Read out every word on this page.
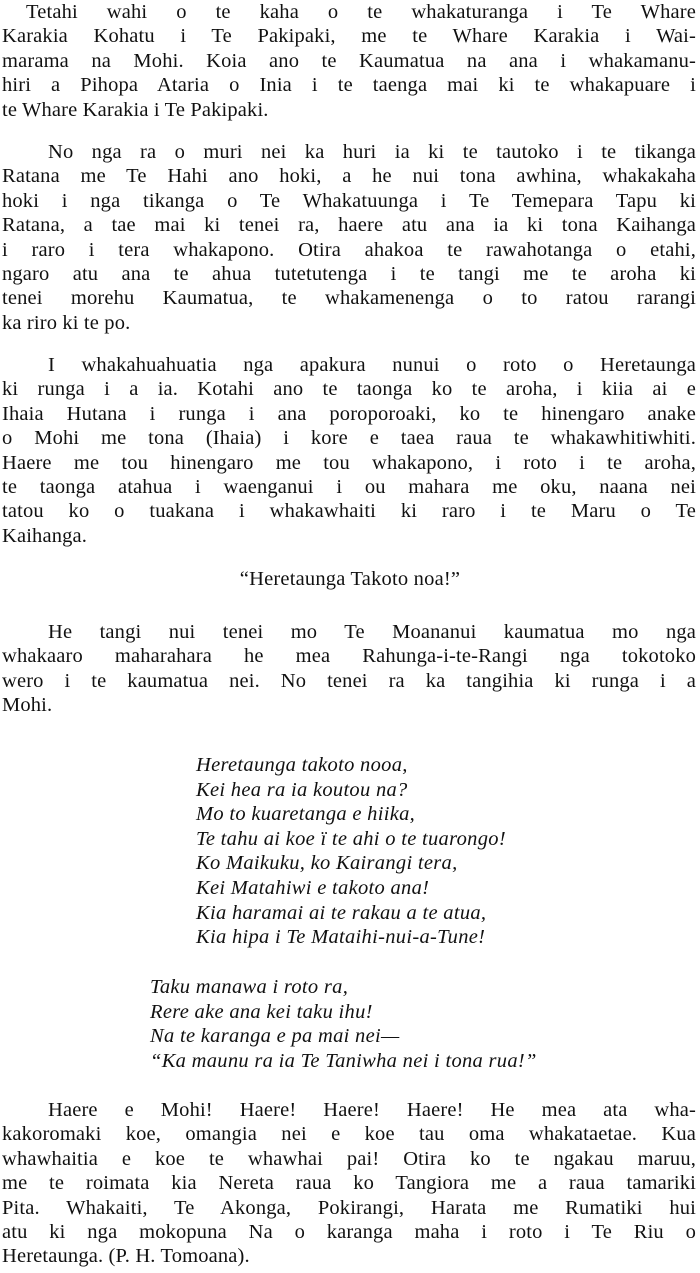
Tetahi wahi o te kaha o te whakaturanga i Te Whare
Karakia Kohatu i Te Pakipaki, me te Whare Karakia i Wai-
marama na Mohi. Koia ano te Kaumatua na ana i whakamanu-
hiri a Pihopa Ataria o Inia i te taenga mai ki te whakapuare i
te Whare Karakia i Te Pakipaki.
No nga ra o muri nei ka huri ia ki te tautoko i te tikanga
Ratana me Te Hahi ano hoki, a he nui tona awhina, whakakaha
hoki i nga tikanga o Te Whakatuunga i Te Temepara Tapu ki
Ratana, a tae mai ki tenei ra, haere atu ana ia ki tona Kaihanga
i raro i tera whakapono. Otira ahakoa te rawahotanga o etahi,
ngaro atu ana te ahua tutetutenga i te tangi me te aroha ki
tenei morehu Kaumatua, te whakamenenga o to ratou rarangi
ka riro ki te po.
I whakahuahuatia nga apakura nunui o roto o Heretaunga
ki runga i a ia. Kotahi ano te taonga ko te aroha, i kiia ai e
Ihaia Hutana i runga i ana poroporoaki, ko te hinengaro anake
o Mohi me tona (Ihaia) i kore e taea raua te whakawhitiwhiti.
Haere me tou hinengaro me tou whakapono, i roto i te aroha,
te taonga atahua i waenganui i ou mahara me oku, naana nei
tatou ko o tuakana i whakawhaiti ki raro i te Maru o Te
Kaihanga.

“Heretaunga Takoto noa!”

He tangi nui tenei mo Te Moananui kaumatua mo nga
whakaaro maharahara he mea Rahunga-i-te-Rangi nga tokotoko
wero i te kaumatua nei. No tenei ra ka tangihia ki runga i a
Mohi.
Heretaunga takoto nooa,
Kei hea ra ia koutou na?
Mo to kuaretanga e hiika,
Te tahu ai koe ï te ahi o te tuarongo!
Ko Maikuku, ko Kairangi tera,
Kei Matahiwi e takoto ana!
Kia haramai ai te rakau a te atua,
Kia hipa i Te Mataihi-nui-a-Tune!
Taku manawa i roto ra,
Rere ake ana kei taku ihu!
Na te karanga e pa mai nei—
“Ka maunu ra ia Te Taniwha nei i tona rua!”
Haere e Mohi! Haere! Haere! Haere! He mea ata wha-
kakoromaki koe, omangia nei e koe tau oma whakataetae. Kua
whawhaitia e koe te whawhai pai! Otira ko te ngakau maruu,
me te roimata kia Nereta raua ko Tangiora me a raua tamariki
Pita. Whakaiti, Te Akonga, Pokirangi, Harata me Rumatiki hui
atu ki nga mokopuna Na o karanga maha i roto i Te Riu o
Heretaunga. (P. H. Tomoana).
